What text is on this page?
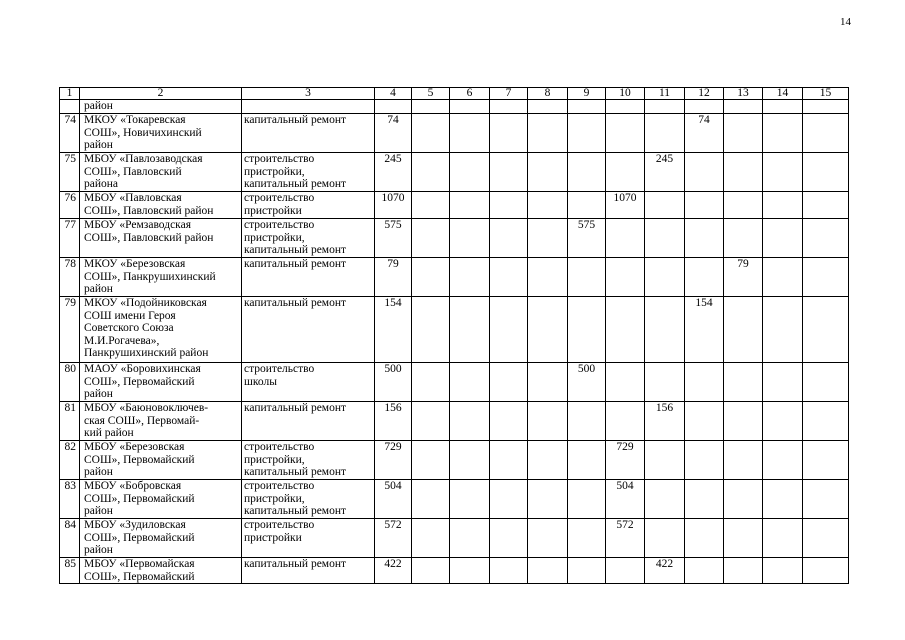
14
1	2	3	4	5	6	7	8	9	10	11	12	13	14	15
	район													
74	МКОУ «Токаревская
СОШ», Новичихинский
район	капитальный ремонт	74								74			
75	МБОУ «Павлозаводская
СОШ», Павловский
района	строительство
пристройки,
капитальный ремонт	245							245				
76	МБОУ «Павловская
СОШ», Павловский район	строительство
пристройки	1070						1070					
77	МБОУ «Ремзаводская
СОШ», Павловский район	строительство
пристройки,
капитальный ремонт	575					575						
78	МКОУ «Березовская
СОШ», Панкрушихинский
район	капитальный ремонт	79									79		
79	МКОУ «Подойниковская
СОШ имени Героя
Советского Союза
М.И.Рогачева»,
Панкрушихинский район	капитальный ремонт	154								154			
80	МАОУ «Боровихинская
СОШ», Первомайский
район	строительство
школы	500					500						
81	МБОУ «Баюновоключев-
ская СОШ», Первомай-
кий район	капитальный ремонт	156							156				
82	МБОУ «Березовская
СОШ», Первомайский
район	строительство
пристройки,
капитальный ремонт	729						729					
83	МБОУ «Бобровская
СОШ», Первомайский
район	строительство
пристройки,
капитальный ремонт	504						504					
84	МБОУ «Зудиловская
СОШ», Первомайский
район	строительство
пристройки	572						572					
85	МБОУ «Первомайская
СОШ», Первомайский	капитальный ремонт	422							422				
